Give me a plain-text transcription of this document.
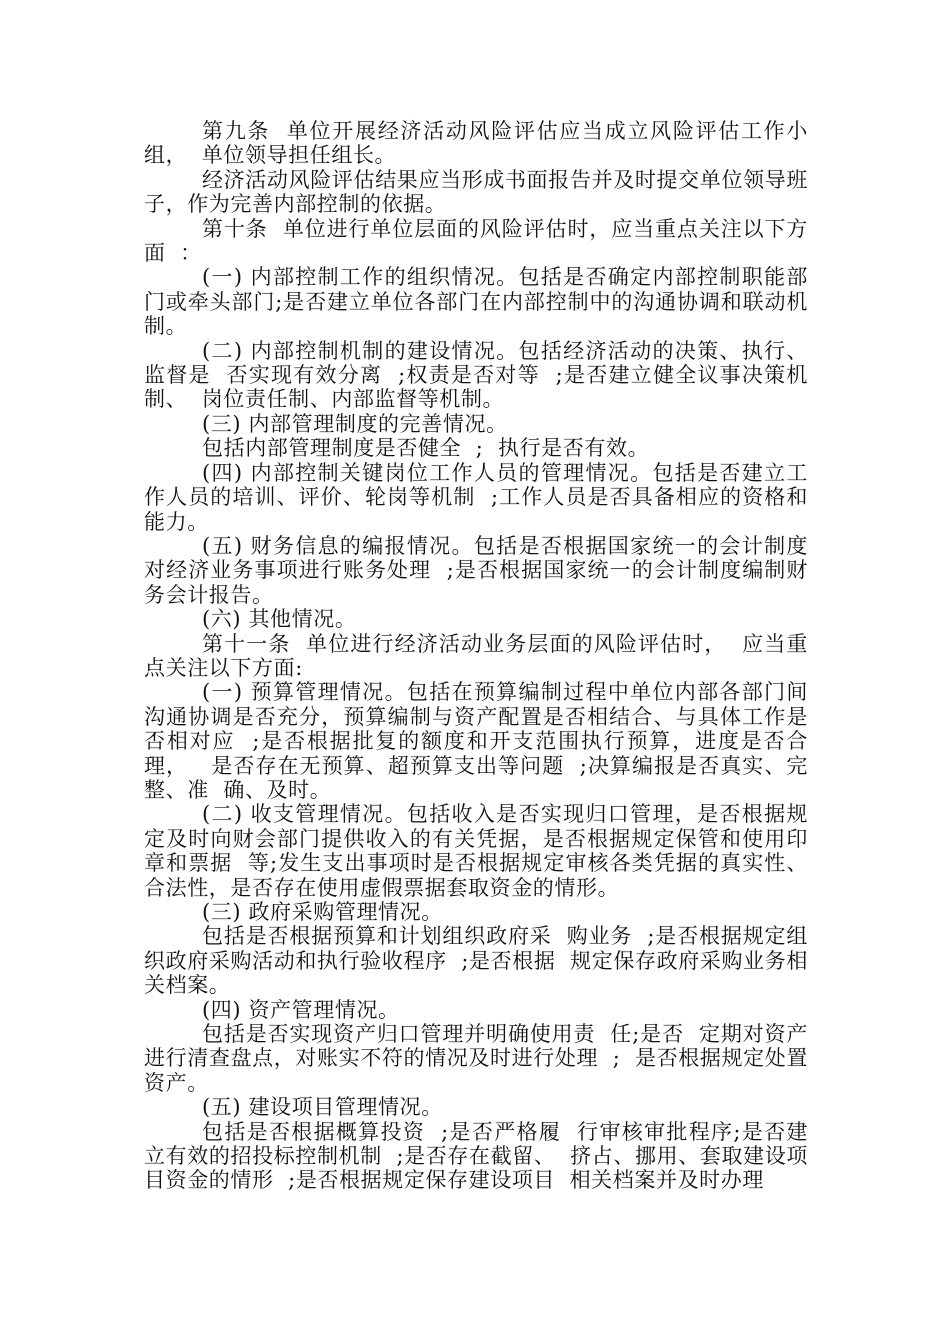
第九条  单位开展经济活动风险评估应当成立风险评估工作小组，  单位领导担任组长。

经济活动风险评估结果应当形成书面报告并及时提交单位领导班子，作为完善内部控制的依据。

第十条  单位进行单位层面的风险评估时，应当重点关注以下方面  ：

(一) 内部控制工作的组织情况。包括是否确定内部控制职能部门或牵头部门;是否建立单位各部门在内部控制中的沟通协调和联动机制。

(二) 内部控制机制的建设情况。包括经济活动的决策、执行、监督是  否实现有效分离  ;权责是否对等  ;是否建立健全议事决策机制、  岗位责任制、内部监督等机制。

(三) 内部管理制度的完善情况。

包括内部管理制度是否健全  ;  执行是否有效。

(四) 内部控制关键岗位工作人员的管理情况。包括是否建立工作人员的培训、评价、轮岗等机制  ;工作人员是否具备相应的资格和  能力。

(五) 财务信息的编报情况。包括是否根据国家统一的会计制度对经济业务事项进行账务处理  ;是否根据国家统一的会计制度编制财  务会计报告。

(六) 其他情况。

第十一条  单位进行经济活动业务层面的风险评估时，  应当重点关注以下方面:

(一) 预算管理情况。包括在预算编制过程中单位内部各部门间沟通协调是否充分，预算编制与资产配置是否相结合、与具体工作是  否相对应  ;是否根据批复的额度和开支范围执行预算，进度是否合理，   是否存在无预算、超预算支出等问题  ;决算编报是否真实、完整、准  确、及时。

(二) 收支管理情况。包括收入是否实现归口管理，是否根据规定及时向财会部门提供收入的有关凭据，是否根据规定保管和使用印  章和票据  等;发生支出事项时是否根据规定审核各类凭据的真实性、  合法性，是否存在使用虚假票据套取资金的情形。

(三) 政府采购管理情况。

包括是否根据预算和计划组织政府采  购业务  ;是否根据规定组织政府采购活动和执行验收程序  ;是否根据  规定保存政府采购业务相关档案。

(四) 资产管理情况。

包括是否实现资产归口管理并明确使用责  任;是否  定期对资产进行清查盘点，对账实不符的情况及时进行处理  ;  是否根据规定处置资产。

(五) 建设项目管理情况。

包括是否根据概算投资  ;是否严格履  行审核审批程序;是否建立有效的招投标控制机制  ;是否存在截留、  挤占、挪用、套取建设项目资金的情形  ;是否根据规定保存建设项目  相关档案并及时办理
